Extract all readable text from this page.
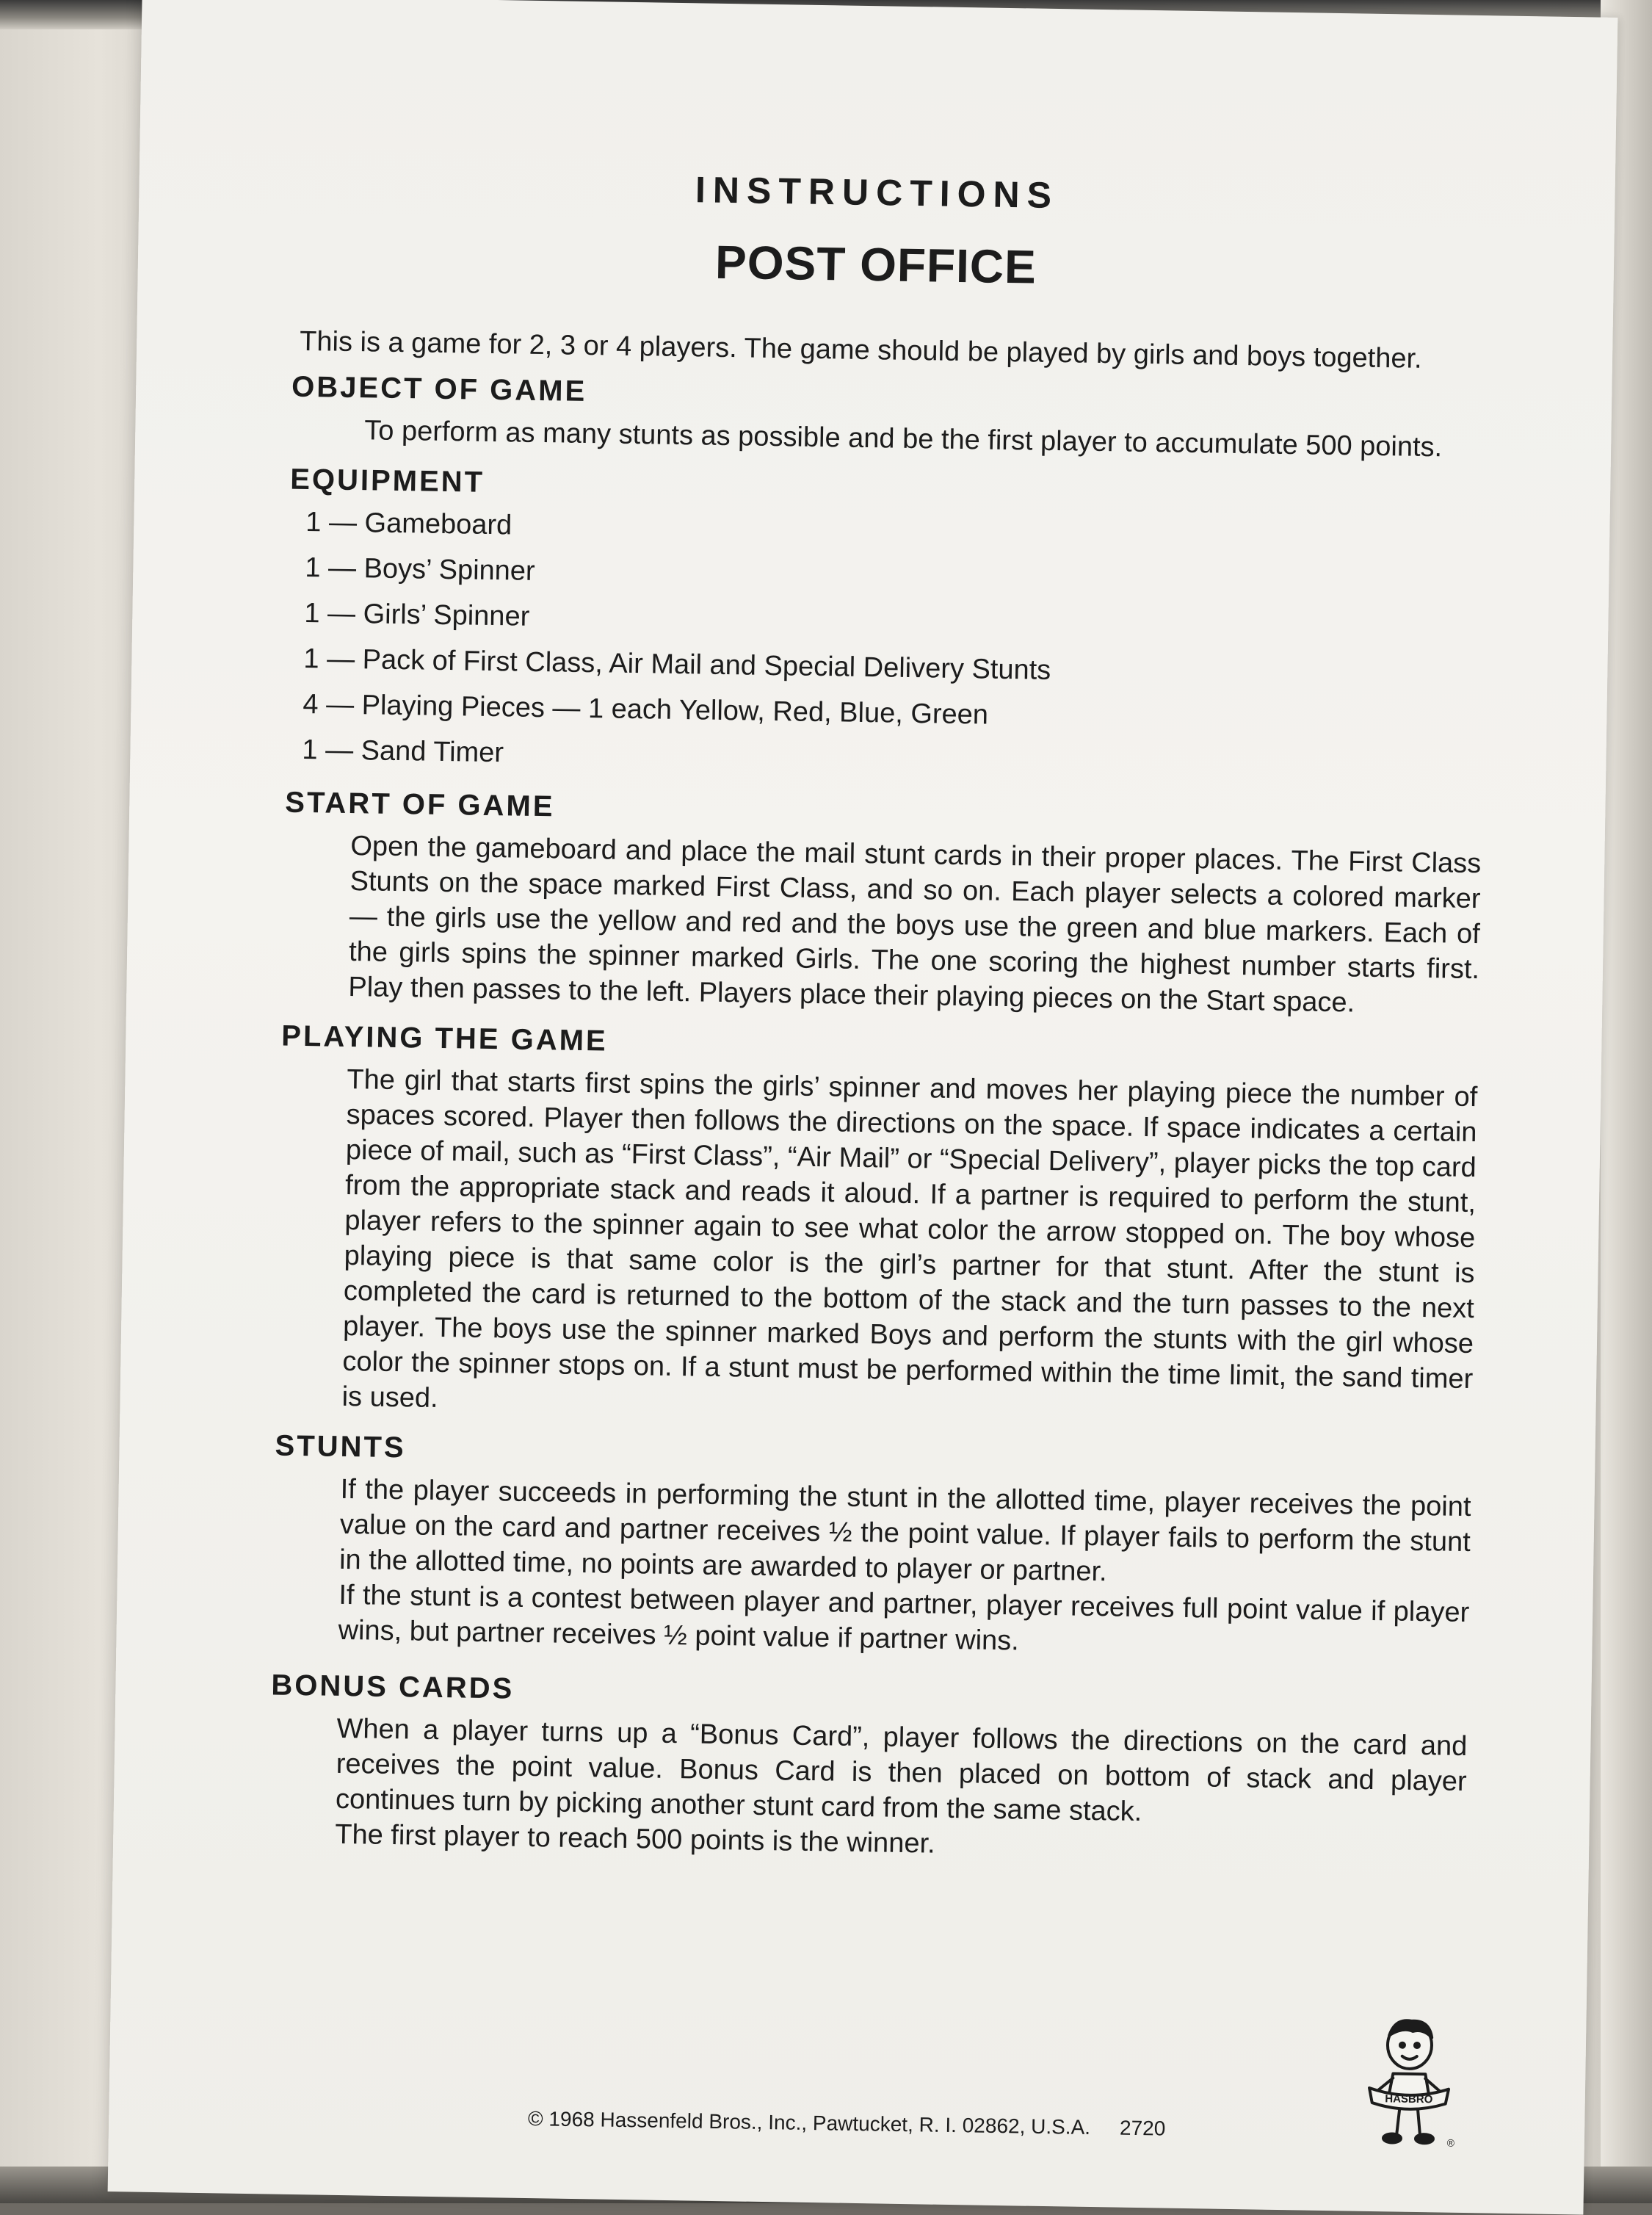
INSTRUCTIONS
POST OFFICE

This is a game for 2, 3 or 4 players. The game should be played by girls and boys together.

OBJECT OF GAME

To perform as many stunts as possible and be the first player to accumulate 500 points.

EQUIPMENT
1 — Gameboard
1 — Boys’ Spinner
1 — Girls’ Spinner
1 — Pack of First Class, Air Mail and Special Delivery Stunts
4 — Playing Pieces — 1 each Yellow, Red, Blue, Green
1 — Sand Timer
START OF GAME

Open the gameboard and place the mail stunt cards in their proper places. The First Class Stunts on the space marked First Class, and so on. Each player selects a colored marker — the girls use the yellow and red and the boys use the green and blue markers. Each of the girls spins the spinner marked Girls. The one scoring the highest number starts first. Play then passes to the left. Players place their playing pieces on the Start space.

PLAYING THE GAME

The girl that starts first spins the girls’ spinner and moves her playing piece the number of spaces scored. Player then follows the directions on the space. If space indicates a certain piece of mail, such as “First Class”, “Air Mail” or “Special Delivery”, player picks the top card from the appropriate stack and reads it aloud. If a partner is required to perform the stunt, player refers to the spinner again to see what color the arrow stopped on. The boy whose playing piece is that same color is the girl’s partner for that stunt. After the stunt is completed the card is returned to the bottom of the stack and the turn passes to the next player. The boys use the spinner marked Boys and perform the stunts with the girl whose color the spinner stops on. If a stunt must be performed within the time limit, the sand timer is used.

STUNTS

If the player succeeds in performing the stunt in the allotted time, player receives the point value on the card and partner receives ½ the point value. If player fails to perform the stunt in the allotted time, no points are awarded to player or partner.

If the stunt is a contest between player and partner, player receives full point value if player wins, but partner receives ½ point value if partner wins.

BONUS CARDS

When a player turns up a “Bonus Card”, player follows the directions on the card and receives the point value. Bonus Card is then placed on bottom of stack and player continues turn by picking another stunt card from the same stack.

The first player to reach 500 points is the winner.

HASBRO
®
© 1968 Hassenfeld Bros., Inc., Pawtucket, R. I. 02862, U.S.A. 2720
